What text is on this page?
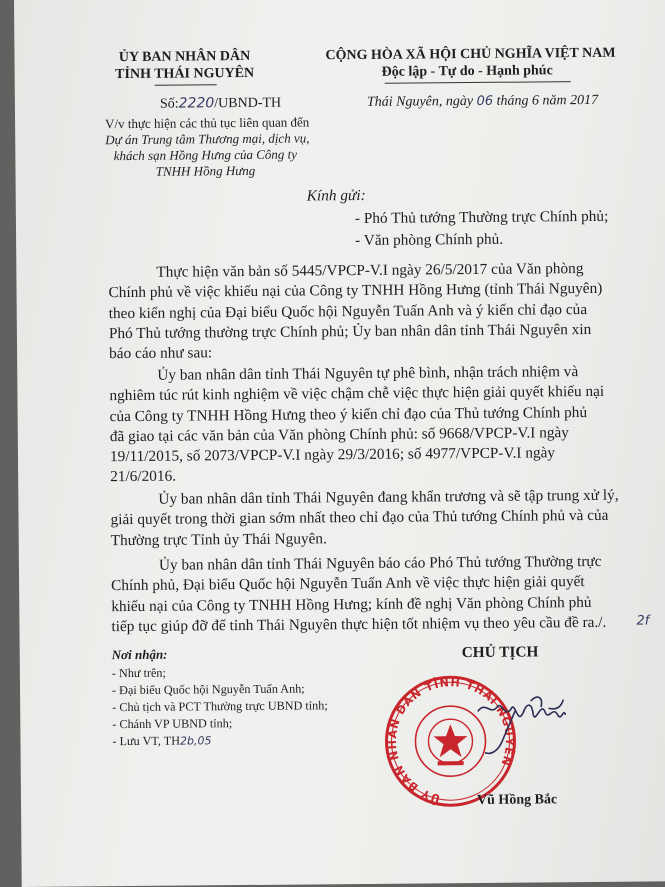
ỦY BAN NHÂN DÂN
TỈNH THÁI NGUYÊN
CỘNG HÒA XÃ HỘI CHỦ NGHĨA VIỆT NAM
Độc lập - Tự do - Hạnh phúc
Số:2220/UBND-TH	Thái Nguyên, ngày 06 tháng 6 năm 2017
V/v thực hiện các thủ tục liên quan đến
Dự án Trung tâm Thương mại, dịch vụ,
khách sạn Hồng Hưng của Công ty
TNHH Hồng Hưng
Kính gửi:
- Phó Thủ tướng Thường trực Chính phủ;
- Văn phòng Chính phủ.
Thực hiện văn bản số 5445/VPCP-V.I ngày 26/5/2017 của Văn phòng
Chính phủ về việc khiếu nại của Công ty TNHH Hồng Hưng (tỉnh Thái Nguyên)
theo kiến nghị của Đại biểu Quốc hội Nguyễn Tuấn Anh và ý kiến chỉ đạo của
Phó Thủ tướng thường trực Chính phủ; Ủy ban nhân dân tỉnh Thái Nguyên xin
báo cáo như sau:
Ủy ban nhân dân tỉnh Thái Nguyên tự phê bình, nhận trách nhiệm và
nghiêm túc rút kinh nghiệm về việc chậm chễ việc thực hiện giải quyết khiếu nại
của Công ty TNHH Hồng Hưng theo ý kiến chỉ đạo của Thủ tướng Chính phủ
đã giao tại các văn bản của Văn phòng Chính phủ: số 9668/VPCP-V.I ngày
19/11/2015, số 2073/VPCP-V.I ngày 29/3/2016; số 4977/VPCP-V.I ngày
21/6/2016.
Ủy ban nhân dân tỉnh Thái Nguyên đang khẩn trương và sẽ tập trung xử lý,
giải quyết trong thời gian sớm nhất theo chỉ đạo của Thủ tướng Chính phủ và của
Thường trực Tỉnh ủy Thái Nguyên.
Ủy ban nhân dân tỉnh Thái Nguyên báo cáo Phó Thủ tướng Thường trực
Chính phủ, Đại biểu Quốc hội Nguyễn Tuấn Anh về việc thực hiện giải quyết
khiếu nại của Công ty TNHH Hồng Hưng; kính đề nghị Văn phòng Chính phủ
tiếp tục giúp đỡ để tỉnh Thái Nguyên thực hiện tốt nhiệm vụ theo yêu cầu đề ra./.	2f
Nơi nhận:
- Như trên;
- Đại biểu Quốc hội Nguyễn Tuấn Anh;
- Chủ tịch và PCT Thường trực UBND tỉnh;
- Chánh VP UBND tỉnh;
- Lưu VT, TH2b,05
CHỦ TỊCH
ỦY BAN NHÂN DÂN TỈNH THÁI NGUYÊN
Vũ Hồng Bắc
